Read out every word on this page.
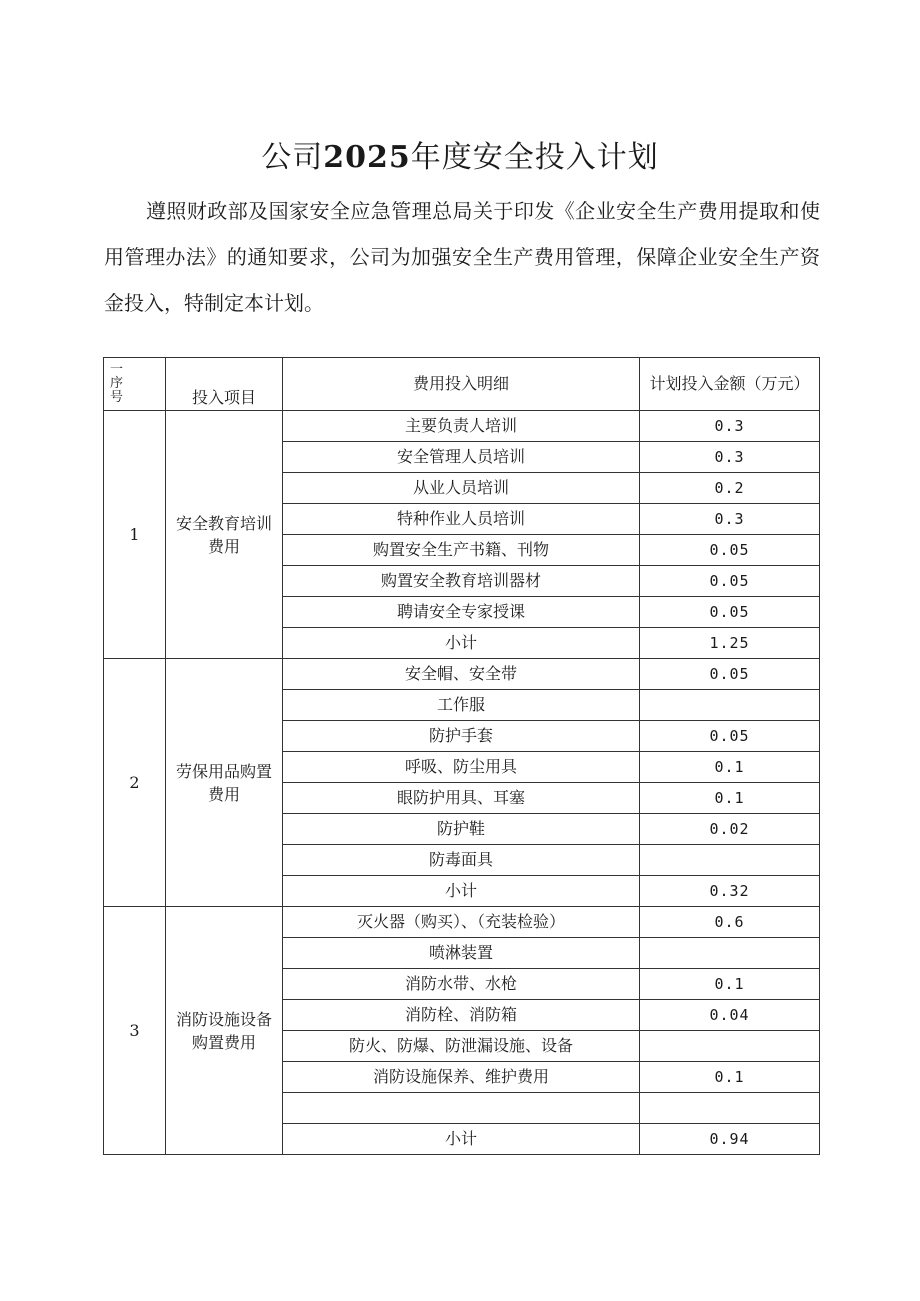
公司2025年度安全投入计划

遵照财政部及国家安全应急管理总局关于印发《企业安全生产费用提取和使用管理办法》的通知要求，公司为加强安全生产费用管理，保障企业安全生产资金投入，特制定本计划。

一
序
号	投入项目	费用投入明细	计划投入金额（万元）
1	安全教育培训费用	主要负责人培训	0.3
		安全管理人员培训	0.3
		从业人员培训	0.2
		特种作业人员培训	0.3
		购置安全生产书籍、刊物	0.05
		购置安全教育培训器材	0.05
		聘请安全专家授课	0.05
		小计	1.25
2	劳保用品购置费用	安全帽、安全带	0.05
		工作服	
		防护手套	0.05
		呼吸、防尘用具	0.1
		眼防护用具、耳塞	0.1
		防护鞋	0.02
		防毒面具	
		小计	0.32
3	消防设施设备购置费用	灭火器（购买）、（充装检验）	0.6
		喷淋装置	
		消防水带、水枪	0.1
		消防栓、消防箱	0.04
		防火、防爆、防泄漏设施、设备	
		消防设施保养、维护费用	0.1

		小计	0.94
